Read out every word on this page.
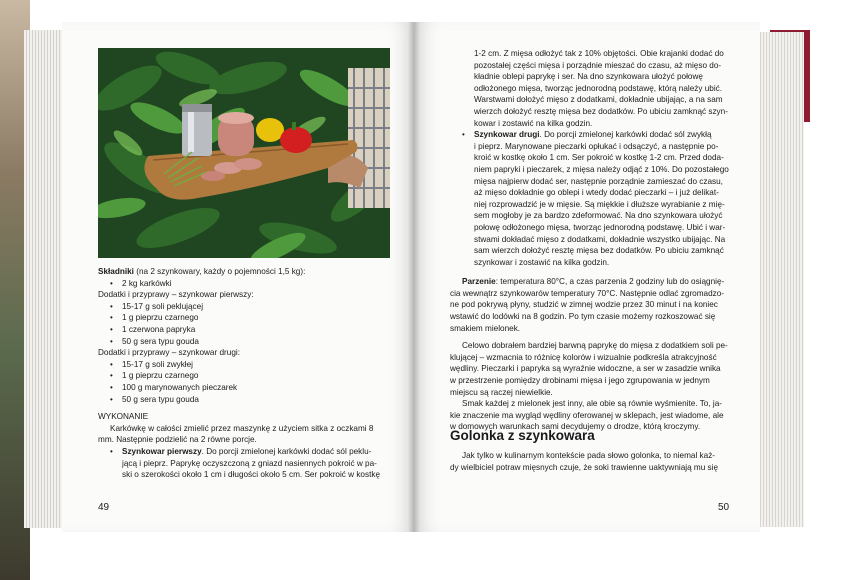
Składniki (na 2 szynkowary, każdy o pojemności 1,5 kg):

•	2 kg karkówki

Dodatki i przyprawy – szynkowar pierwszy:

•	15-17 g soli peklującej
•	1 g pieprzu czarnego
•	1 czerwona papryka
•	50 g sera typu gouda

Dodatki i przyprawy – szynkowar drugi:

•	15-17 g soli zwykłej
•	1 g pieprzu czarnego
•	100 g marynowanych pieczarek
•	50 g sera typu gouda

WYKONANIE

Karkówkę w całości zmielić przez maszynkę z użyciem sitka z oczkami 8

mm. Następnie podzielić na 2 równe porcje.

•	Szynkowar pierwszy. Do porcji zmielonej karkówki dodać sól peklu-

jącą i pieprz. Paprykę oczyszczoną z gniazd nasiennych pokroić w pa-

ski o szerokości około 1 cm i długości około 5 cm. Ser pokroić w kostkę

49

1-2 cm. Z mięsa odłożyć tak z 10% objętości. Obie krajanki dodać do

pozostałej części mięsa i porządnie mieszać do czasu, aż mięso do-

kładnie oblepi paprykę i ser. Na dno szynkowara ułożyć połowę

odłożonego mięsa, tworząc jednorodną podstawę, którą należy ubić.

Warstwami dołożyć mięso z dodatkami, dokładnie ubijając, a na sam

wierzch dołożyć resztę mięsa bez dodatków. Po ubiciu zamknąć szyn-

kowar i zostawić na kilka godzin.

•	Szynkowar drugi. Do porcji zmielonej karkówki dodać sól zwykłą

i pieprz. Marynowane pieczarki opłukać i odsączyć, a następnie po-

kroić w kostkę około 1 cm. Ser pokroić w kostkę 1-2 cm. Przed doda-

niem papryki i pieczarek, z mięsa należy odjąć z 10%. Do pozostałego

mięsa najpierw dodać ser, następnie porządnie zamieszać do czasu,

aż mięso dokładnie go oblepi i wtedy dodać pieczarki – i już delikat-

niej rozprowadzić je w mięsie. Są miękkie i dłuższe wyrabianie z mię-

sem mogłoby je za bardzo zdeformować. Na dno szynkowara ułożyć

połowę odłożonego mięsa, tworząc jednorodną podstawę. Ubić i war-

stwami dokładać mięso z dodatkami, dokładnie wszystko ubijając. Na

sam wierzch dołożyć resztę mięsa bez dodatków. Po ubiciu zamknąć

szynkowar i zostawić na kilka godzin.

Parzenie: temperatura 80°C, a czas parzenia 2 godziny lub do osiągnię-

cia wewnątrz szynkowarów temperatury 70°C. Następnie odlać zgromadzo-

ne pod pokrywą płyny, studzić w zimnej wodzie przez 30 minut i na koniec

wstawić do lodówki na 8 godzin. Po tym czasie możemy rozkoszować się

smakiem mielonek.

Celowo dobrałem bardziej barwną paprykę do mięsa z dodatkiem soli pe-

klującej – wzmacnia to różnicę kolorów i wizualnie podkreśla atrakcyjność

wędliny. Pieczarki i papryka są wyraźnie widoczne, a ser w zasadzie wnika

w przestrzenie pomiędzy drobinami mięsa i jego zgrupowania w jednym

miejscu są raczej niewielkie.

Smak każdej z mielonek jest inny, ale obie są równie wyśmienite. To, ja-

kie znaczenie ma wygląd wędliny oferowanej w sklepach, jest wiadome, ale

w domowych warunkach sami decydujemy o drodze, którą kroczymy.

Golonka z szynkowara

Jak tylko w kulinarnym kontekście pada słowo golonka, to niemal każ-

dy wielbiciel potraw mięsnych czuje, że soki trawienne uaktywniają mu się

50
